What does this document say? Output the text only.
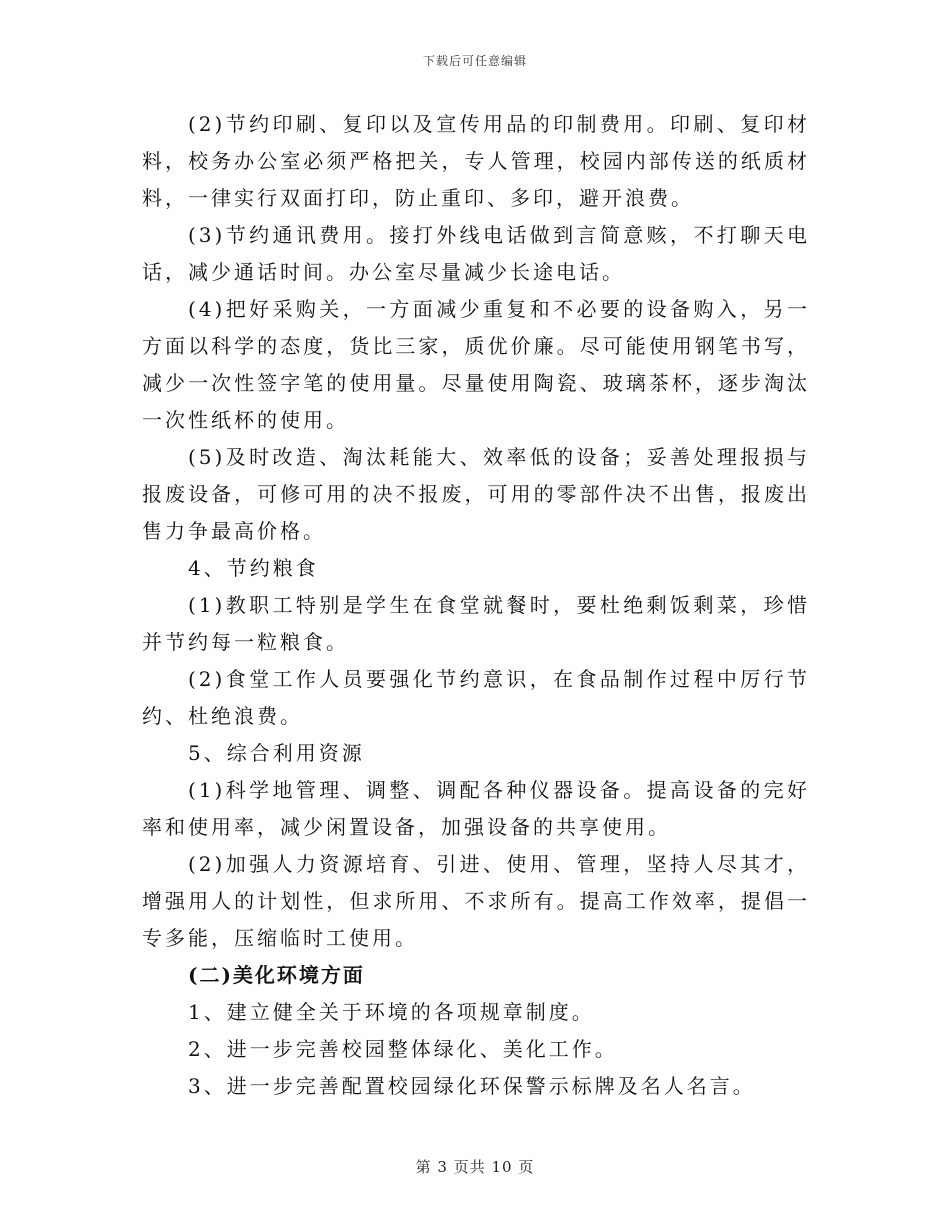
下载后可任意编辑

(2)节约印刷、复印以及宣传用品的印制费用。印刷、复印材料，校务办公室必须严格把关，专人管理，校园内部传送的纸质材料，一律实行双面打印，防止重印、多印，避开浪费。

(3)节约通讯费用。接打外线电话做到言简意赅，不打聊天电话，减少通话时间。办公室尽量减少长途电话。

(4)把好采购关，一方面减少重复和不必要的设备购入，另一方面以科学的态度，货比三家，质优价廉。尽可能使用钢笔书写，减少一次性签字笔的使用量。尽量使用陶瓷、玻璃茶杯，逐步淘汰一次性纸杯的使用。

(5)及时改造、淘汰耗能大、效率低的设备；妥善处理报损与报废设备，可修可用的决不报废，可用的零部件决不出售，报废出售力争最高价格。

4、节约粮食

(1)教职工特别是学生在食堂就餐时，要杜绝剩饭剩菜，珍惜并节约每一粒粮食。

(2)食堂工作人员要强化节约意识，在食品制作过程中厉行节约、杜绝浪费。

5、综合利用资源

(1)科学地管理、调整、调配各种仪器设备。提高设备的完好率和使用率，减少闲置设备，加强设备的共享使用。

(2)加强人力资源培育、引进、使用、管理，坚持人尽其才，增强用人的计划性，但求所用、不求所有。提高工作效率，提倡一专多能，压缩临时工使用。

(二)美化环境方面

1、建立健全关于环境的各项规章制度。

2、进一步完善校园整体绿化、美化工作。

3、进一步完善配置校园绿化环保警示标牌及名人名言。

第 3 页共 10 页
